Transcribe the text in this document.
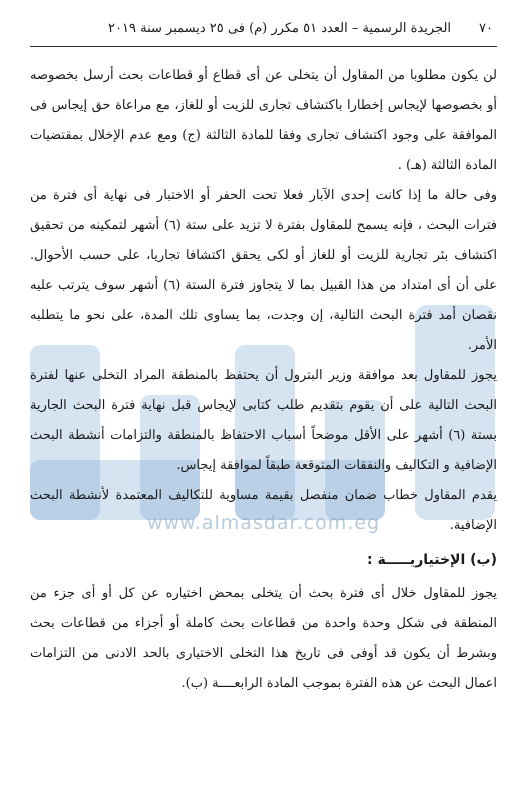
www.almasdar.com.eg
٧٠
الجريدة الرسمية – العدد ٥١ مكرر (م) فى ٢٥ ديسمبر سنة ٢٠١٩

لن يكون مطلوبا من المقاول أن يتخلى عن أى قطاع أو قطاعات بحث أرسل بخصوصه أو بخصوصها لإيجاس إخطارا باكتشاف تجارى للزيت أو للغاز، مع مراعاة حق إيجاس فى الموافقة على وجود اكتشاف تجارى وفقا للمادة الثالثة (ج) ومع عدم الإخلال بمقتضيات المادة الثالثة (هـ) .

وفى حالة ما إذا كانت إحدى الآبار فعلا تحت الحفر أو الاختبار فى نهاية أى فترة من فترات البحث ، فإنه يسمح للمقاول بفترة لا تزيد على ستة (٦) أشهر لتمكينه من تحقيق اكتشاف بئر تجارية للزيت أو للغاز أو لكى يحقق اكتشافا تجاريا، على حسب الأحوال. على أن أى امتداد من هذا القبيل بما لا يتجاوز فترة الستة (٦) أشهر سوف يترتب عليه نقصان أمد فترة البحث التالية، إن وجدت، بما يساوى تلك المدة، على نحو ما يتطلبه الأمر.

يجوز للمقاول بعد موافقة وزير البترول أن يحتفظ بالمنطقة المراد التخلى عنها لفترة البحث التالية على أن يقوم بتقديم طلب كتابى لإيجاس قبل نهاية فترة البحث الجارية بستة (٦) أشهر على الأقل موضحاً أسباب الاحتفاظ بالمنطقة والتزامات أنشطة البحث الإضافية و التكاليف والنفقات المتوقعة طبقاً لموافقة إيجاس.

يقدم المقاول خطاب ضمان منفصل بقيمة مساوية للتكاليف المعتمدة لأنشطة البحث الإضافية.

(ب) الإختياريـــــة :

يجوز للمقاول خلال أى فترة بحث أن يتخلى بمحض اختياره عن كل أو أى جزء من المنطقة فى شكل وحدة واحدة من قطاعات بحث كاملة أو أجزاء من قطاعات بحث وبشرط أن يكون قد أوفى فى تاريخ هذا التخلى الاختيارى بالحد الادنى من التزامات اعمال البحث عن هذه الفترة بموجب المادة الرابعــــة (ب).
